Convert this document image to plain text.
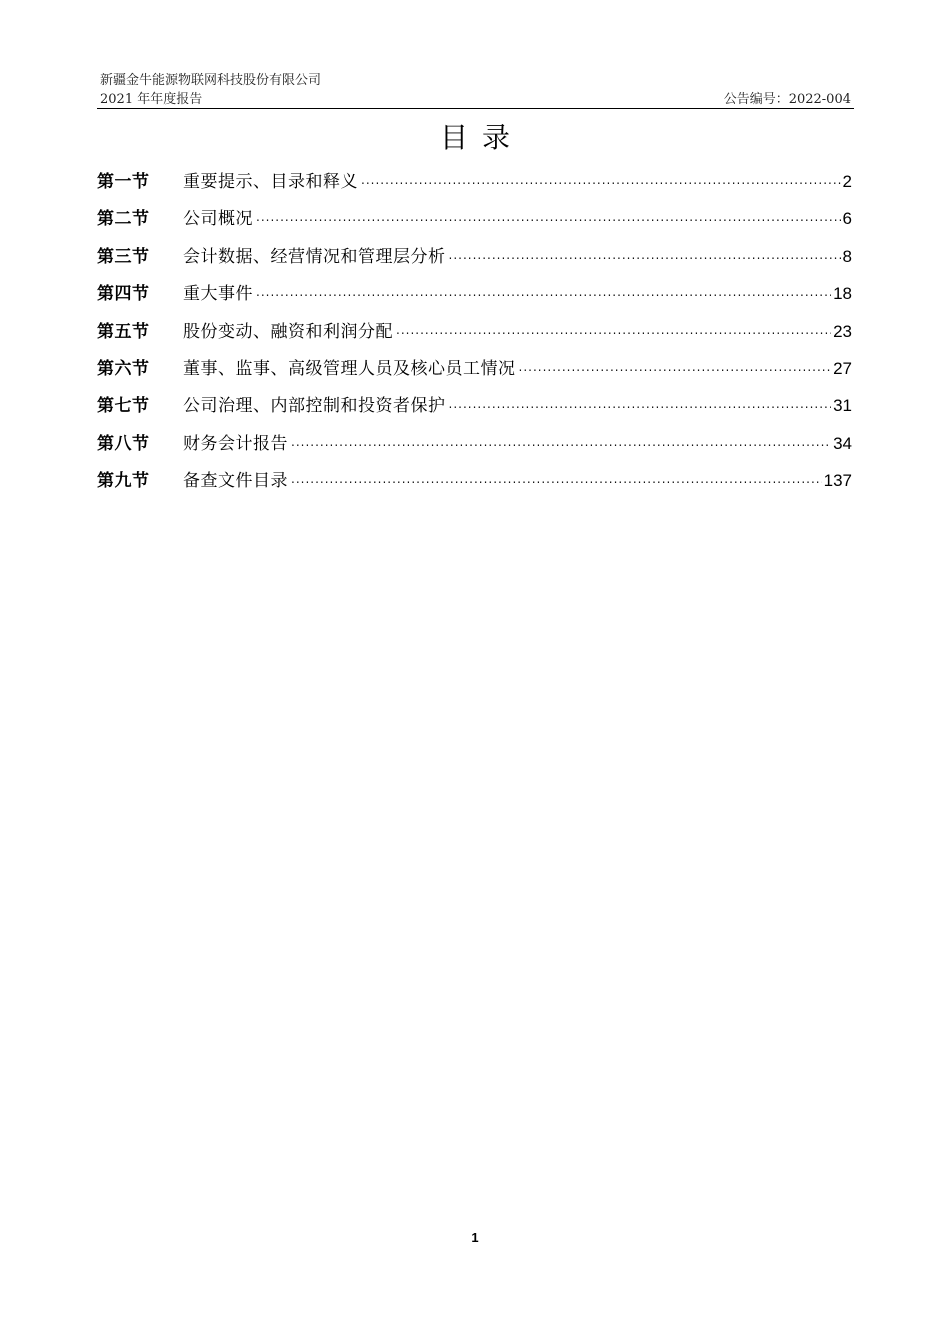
新疆金牛能源物联网科技股份有限公司
2021 年年度报告	公告编号：2022-004
目录
第一节	重要提示、目录和释义 .....	2
第二节	公司概况 .....	6
第三节	会计数据、经营情况和管理层分析 .....	8
第四节	重大事件 .....	18
第五节	股份变动、融资和利润分配 .....	23
第六节	董事、监事、高级管理人员及核心员工情况 .....	27
第七节	公司治理、内部控制和投资者保护 .....	31
第八节	财务会计报告 .....	34
第九节	备查文件目录 .....	137
1
